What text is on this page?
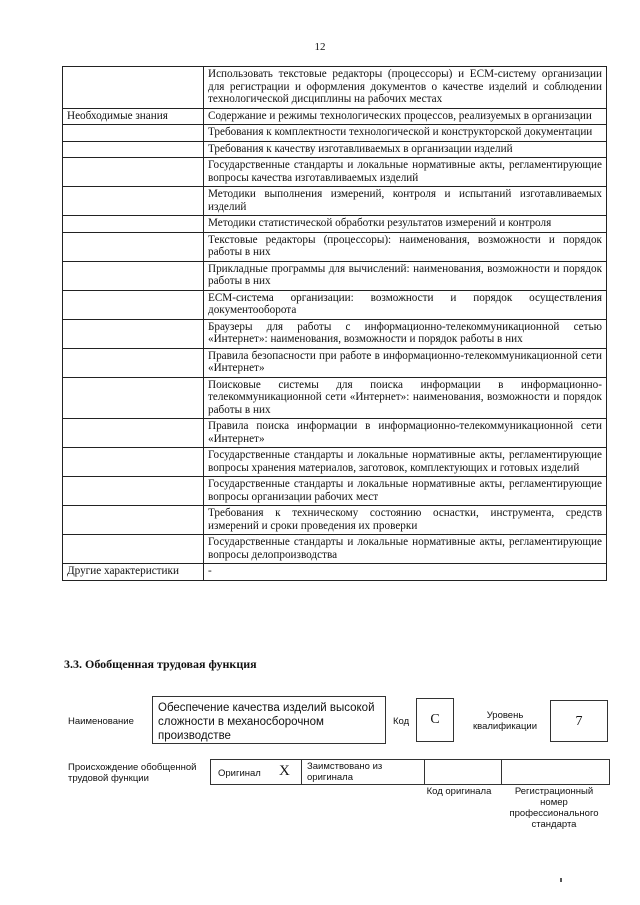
12
	Использовать текстовые редакторы (процессоры) и ЕСМ-систему организации для регистрации и оформления документов о качестве изделий и соблюдении технологической дисциплины на рабочих местах
Необходимые знания	Содержание и режимы технологических процессов, реализуемых в организации
	Требования к комплектности технологической и конструкторской документации
	Требования к качеству изготавливаемых в организации изделий
	Государственные стандарты и локальные нормативные акты, регламентирующие вопросы качества изготавливаемых изделий
	Методики выполнения измерений, контроля и испытаний изготавливаемых изделий
	Методики статистической обработки результатов измерений и контроля
	Текстовые редакторы (процессоры): наименования, возможности и порядок работы в них
	Прикладные программы для вычислений: наименования, возможности и порядок работы в них
	ЕСМ-система организации: возможности и порядок осуществления документооборота
	Браузеры для работы с информационно-телекоммуникационной сетью «Интернет»: наименования, возможности и порядок работы в них
	Правила безопасности при работе в информационно-телекоммуникационной сети «Интернет»
	Поисковые системы для поиска информации в информационно-телекоммуникационной сети «Интернет»: наименования, возможности и порядок работы в них
	Правила поиска информации в информационно-телекоммуникационной сети «Интернет»
	Государственные стандарты и локальные нормативные акты, регламентирующие вопросы хранения материалов, заготовок, комплектующих и готовых изделий
	Государственные стандарты и локальные нормативные акты, регламентирующие вопросы организации рабочих мест
	Требования к техническому состоянию оснастки, инструмента, средств измерений и сроки проведения их проверки
	Государственные стандарты и локальные нормативные акты, регламентирующие вопросы делопроизводства
Другие характеристики	-
3.3. Обобщенная трудовая функция
Наименование
Обеспечение качества изделий высокой сложности в механосборочном производстве
Код	С	Уровень квалификации	7
Происхождение обобщенной трудовой функции	Оригинал Х Заимствовано из оригинала
Код оригинала	Регистрационный номер профессионального стандарта
